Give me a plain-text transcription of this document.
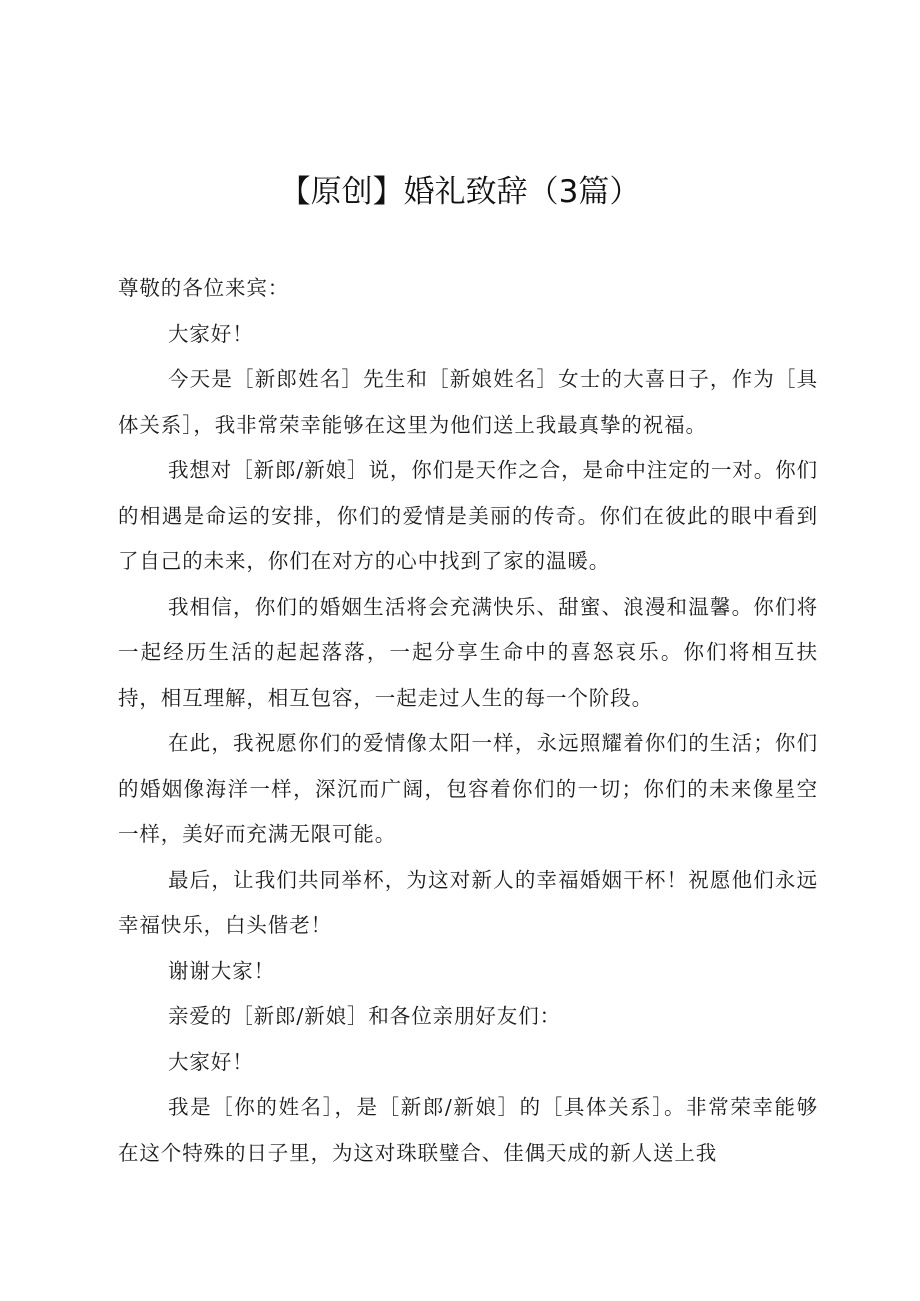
【原创】婚礼致辞（3篇）

尊敬的各位来宾：

大家好！

今天是［新郎姓名］先生和［新娘姓名］女士的大喜日子，作为［具体关系］，我非常荣幸能够在这里为他们送上我最真挚的祝福。

我想对［新郎/新娘］说，你们是天作之合，是命中注定的一对。你们的相遇是命运的安排，你们的爱情是美丽的传奇。你们在彼此的眼中看到了自己的未来，你们在对方的心中找到了家的温暖。

我相信，你们的婚姻生活将会充满快乐、甜蜜、浪漫和温馨。你们将一起经历生活的起起落落，一起分享生命中的喜怒哀乐。你们将相互扶持，相互理解，相互包容，一起走过人生的每一个阶段。

在此，我祝愿你们的爱情像太阳一样，永远照耀着你们的生活；你们的婚姻像海洋一样，深沉而广阔，包容着你们的一切；你们的未来像星空一样，美好而充满无限可能。

最后，让我们共同举杯，为这对新人的幸福婚姻干杯！祝愿他们永远幸福快乐，白头偕老！

谢谢大家！

亲爱的［新郎/新娘］和各位亲朋好友们：

大家好！

我是［你的姓名］，是［新郎/新娘］的［具体关系］。非常荣幸能够在这个特殊的日子里，为这对珠联璧合、佳偶天成的新人送上我
